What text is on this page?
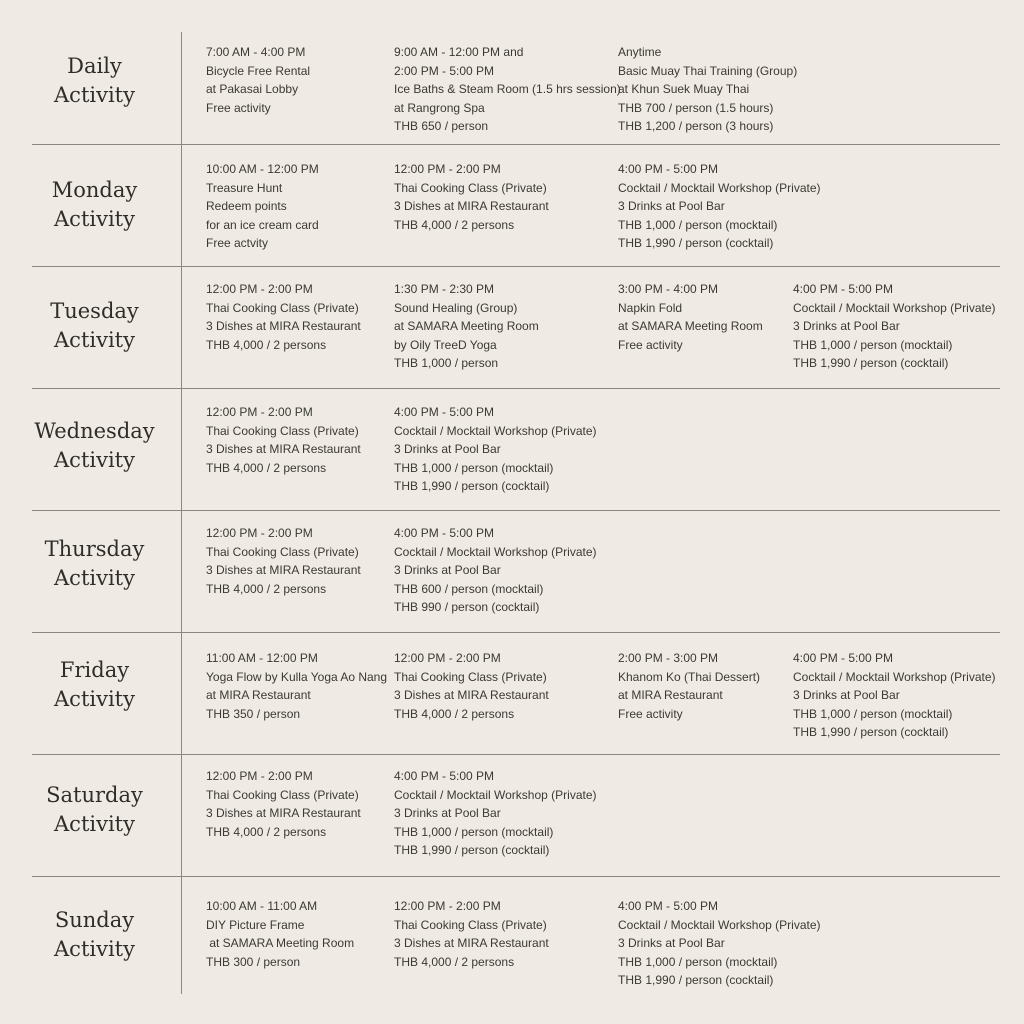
Daily
Activity
7:00 AM - 4:00 PM
Bicycle Free Rental
at Pakasai Lobby
Free activity
9:00 AM - 12:00 PM and
2:00 PM - 5:00 PM
Ice Baths & Steam Room (1.5 hrs session)
at Rangrong Spa
THB 650 / person
Anytime
Basic Muay Thai Training (Group)
at Khun Suek Muay Thai
THB 700 / person (1.5 hours)
THB 1,200 / person (3 hours)
Monday
Activity
10:00 AM - 12:00 PM
Treasure Hunt
Redeem points
for an ice cream card
Free actvity
12:00 PM - 2:00 PM
Thai Cooking Class (Private)
3 Dishes at MIRA Restaurant
THB 4,000 / 2 persons
4:00 PM - 5:00 PM
Cocktail / Mocktail Workshop (Private)
3 Drinks at Pool Bar
THB 1,000 / person (mocktail)
THB 1,990 / person (cocktail)
Tuesday
Activity
12:00 PM - 2:00 PM
Thai Cooking Class (Private)
3 Dishes at MIRA Restaurant
THB 4,000 / 2 persons
1:30 PM - 2:30 PM
Sound Healing (Group)
at SAMARA Meeting Room
by Oily TreeD Yoga
THB 1,000 / person
3:00 PM - 4:00 PM
Napkin Fold
at SAMARA Meeting Room
Free activity
4:00 PM - 5:00 PM
Cocktail / Mocktail Workshop (Private)
3 Drinks at Pool Bar
THB 1,000 / person (mocktail)
THB 1,990 / person (cocktail)
Wednesday
Activity
12:00 PM - 2:00 PM
Thai Cooking Class (Private)
3 Dishes at MIRA Restaurant
THB 4,000 / 2 persons
4:00 PM - 5:00 PM
Cocktail / Mocktail Workshop (Private)
3 Drinks at Pool Bar
THB 1,000 / person (mocktail)
THB 1,990 / person (cocktail)
Thursday
Activity
12:00 PM - 2:00 PM
Thai Cooking Class (Private)
3 Dishes at MIRA Restaurant
THB 4,000 / 2 persons
4:00 PM - 5:00 PM
Cocktail / Mocktail Workshop (Private)
3 Drinks at Pool Bar
THB 600 / person (mocktail)
THB 990 / person (cocktail)
Friday
Activity
11:00 AM - 12:00 PM
Yoga Flow by Kulla Yoga Ao Nang
at MIRA Restaurant
THB 350 / person
12:00 PM - 2:00 PM
Thai Cooking Class (Private)
3 Dishes at MIRA Restaurant
THB 4,000 / 2 persons
2:00 PM - 3:00 PM
Khanom Ko (Thai Dessert)
at MIRA Restaurant
Free activity
4:00 PM - 5:00 PM
Cocktail / Mocktail Workshop (Private)
3 Drinks at Pool Bar
THB 1,000 / person (mocktail)
THB 1,990 / person (cocktail)
Saturday
Activity
12:00 PM - 2:00 PM
Thai Cooking Class (Private)
3 Dishes at MIRA Restaurant
THB 4,000 / 2 persons
4:00 PM - 5:00 PM
Cocktail / Mocktail Workshop (Private)
3 Drinks at Pool Bar
THB 1,000 / person (mocktail)
THB 1,990 / person (cocktail)
Sunday
Activity
10:00 AM - 11:00 AM
DIY Picture Frame
at SAMARA Meeting Room
THB 300 / person
12:00 PM - 2:00 PM
Thai Cooking Class (Private)
3 Dishes at MIRA Restaurant
THB 4,000 / 2 persons
4:00 PM - 5:00 PM
Cocktail / Mocktail Workshop (Private)
3 Drinks at Pool Bar
THB 1,000 / person (mocktail)
THB 1,990 / person (cocktail)
